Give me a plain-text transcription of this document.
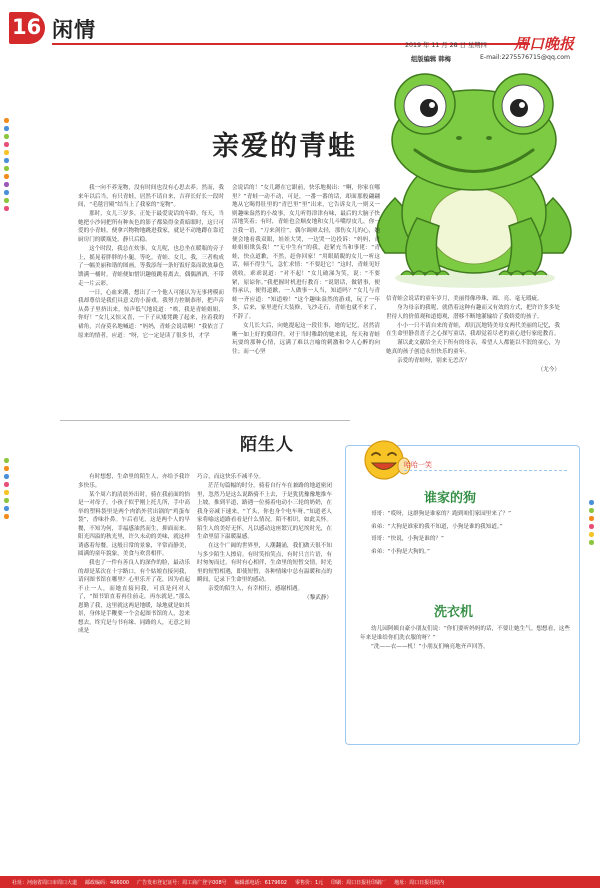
16 闲情
2019 年 11 月 28 日 星期四 周口晚报
组版编辑 韩梅	E-mail:2275576715@qq.com
亲爱的青蛙

我一向不养宠物，没有时间也没有心思去养。然而，我来年以后当，有只青蛙，居然不请自来，吉祥长好长一段时间，“毛毯宫殿”结当上了我家的“宠物”。

那时，女儿三岁多，正处于最爱说话的年龄。每天，当她把小沙同把所有种灰色的影子都染得金黄暗眼时，这只可爱的小青蛙，便拿兴物物地跳进我家，就是不动地蹲在靠近厨房门的暖瓶处，静只后稳。

这个时段，我总在炊事，女儿呢，也总坐在暖瓶的旁子上，摇晃着胖胖的小腿，等吃。青蛙、女儿、我，三者构成了一幅美丽和谐的图画。等我添每一条好饭好菜而欲放暴色馈满一桶时，青蛙便如惜识趣般跳着离去，偶偶酒酒，不带走一片云彩。

一日，心血来潮，想出了一个他人可能认为无事拷模而我却尊信是我们具意义的小游戏。我努力控制恭形，把声音从鼻子里挤出来，惊声低气地说道：“唉，我是青蛙姐姐，你好！”女儿又惊又喜，一下子从矮凳跳了起来，拉着我的裙角，兴奋莫名地喊道：“妈妈，青蛙会说话啊！”我依言了原来的情者，应道：“呀，它一定是读了很多书，才学

会说话的！”女儿蹲在它跟前，快乐地揭出：“啊，你家在哪里？”青蛙一动不动，可是，一番一番的话，却面那般翩翩地从它喝得肚里的“青巴里”里”出来，它告诉女儿一则又一则趣味盎然的小故事，女儿听得津津有味，最后的大脑子快活地笑着；有时，青蛙也会顺皮地和女儿斗嘴厚皮儿，你一言我一语，“刀来剑往”，偶尔调辩太轻，那伤女儿的心，她便会地看我双眼，娃娃大哭，一边哭一边投诉：“妈妈，青蛙姐姐欺负我！”“无中生有”的我，赶紧充当和事佬：“青蛙，快点道歉，不然，赶你回家！”用眼睛睨的女儿一听这话，顿不得生气，急忙求情：“不要赶它！”这时，青蛙见好就收，乖乖说道：“对不起！”女儿破涕为笑，说：“不要紧，原谅你。”我把握时机进行教育：“说错话，做错事，便得承认，便得道歉，一人做事一人当，知道吗？”女儿与青蛙一齐应道：“知道啦！”这个趣味盎然的游戏，玩了一年多，后来，家里进行大装修，飞沙走石，青蛙也就不来了，不辞了。

女儿长大后，向她提起这一段往事，她的记忆，居然清晰一如上好的冀印件。对于当时稚龄的她来说，每天和青蛙玩耍的那种心情，远满了难以言喻的刺激和令人心醉的向往；而一心坚

信青蛙会说话的童年岁月，美丽得像珍珠，圆、亮、毫无瑕疵。

身为母亲的我呢，就借着这种有趣而又有效的方式，把许许多多处世待人的价值观和道德观，潜移不断地灌输给了我娇爱的孩子。

小小一只不请自来的青蛙，却沉沉地铸美母女两代美丽的记忆，我在生命里静喜喜子之心探写童话，我却觉着尽老的童心进行家庭教育。

谨以此文献给全天下所有的母亲，希望人人都能以不泯的童心，为她真的孩子创造永恒快乐的童年。

亲爱的青蛙呀，别来无恙否？

（尤今）
陌生人

有时想想，生命里的陌生人，亦给予我许多快乐。

某个周六的清晨外出时，骑在我前面的怡是一对母子，小孩子似乎刚上托儿所，手中高举的塑料袋里是两个肉馅外营出锅的“鸡蛋布袋”，香味扑鼻。乍后看见，这是两个人的早餐，不知为何，幸福感油然而生，抑面而来。阳光四溢的秋光里，许久未动的美味，就这样诱惑着每餐。这般日常的景象，平常而静美，圆满的童年貌象，美食与欢喜相伴。

我也了一件有善良人的深作的脸，最动乐的却是某次在十字路口，有个姑娘直接问我，请问图书馆在哪里？心里乐开了花，因为看起不止一人，而她直接问我，可真是问对人了，“图书馆直着再往前走，再东就是。”那么恩勤了我，这里就这两是地暖，绿地就是如其景，身体是手鞭要一个会起图书馆的人，忽来想去，终究是与书有缘、同路的人，无意之间成是

巧合，而这快乐不减半分。

茫茫旬篇幅的时分，骑着自行车在兼路的地道密闭里，忽然乃是这么说路骑不上去，于是犹犹豫豫地推车上坡。推到半道，路遇一位骑着电动小三轮的奶奶，在我身旁减下速来，“丫头，你也身个电车呀，”知道老人家将喻这道路看看是什么情况，陌不相识，如此关怀。陌生人的美好无怀，凡以感动这座繁冗的尼埃时光，在生命里留下温暖温感。

在这个广阔的世界里，人潮翻涌，我们做天很不知与多少陌生人擦肩。有时笑抬笑点，有时只言片语，有时匆匆而过，有时有心相伴，生命里的短暂交情，时光里的短暂相遇，即使短暂，各种情缘中总有温暖和点的瞬间，记录下生命里的感动。

亲爱的陌生人，有幸相行，感谢相遇。

（黎武静）
哈哈一笑
谁家的狗

哥哥：“哎呀，这群狗是谁家的？跑到咱们家园里来了？”

弟弟：“大狗是谁家的我不知道，小狗是谁的我知道。”

哥哥：“快说，小狗是谁的？”

弟弟：“小狗是大狗的。”

洗衣机

幼儿园阿姨自豪小朋友们说：“你们要听妈妈的话，不要让她生气。想想看，这些年来是谁给你们洗衣服的呀？”

“洗——衣——机！”小朋友们响亮地齐声回答。

社址：河南省周口市周口大道 邮政编码：466000 广告发布登记证号：周工商广登字008号 编辑部电话：6179602 零售价：1元 印刷：周口日报社印刷厂 地址：周口日报社院内
